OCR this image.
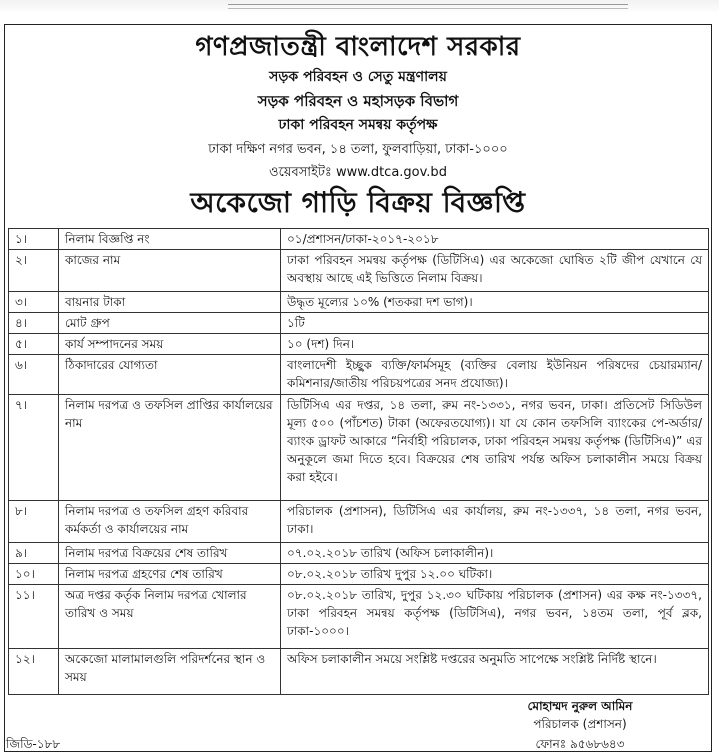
গণপ্রজাতন্ত্রী বাংলাদেশ সরকার
সড়ক পরিবহন ও সেতু মন্ত্রণালয়
সড়ক পরিবহন ও মহাসড়ক বিভাগ
ঢাকা পরিবহন সমন্বয় কর্তৃপক্ষ
ঢাকা দক্ষিণ নগর ভবন, ১৪ তলা, ফুলবাড়িয়া, ঢাকা-১০০০
ওয়েবসাইটঃ www.dtca.gov.bd
অকেজো গাড়ি বিক্রয় বিজ্ঞপ্তি
১।	নিলাম বিজ্ঞপ্তি নং	০১/প্রশাসন/ঢাকা-২০১৭-২০১৮
২।	কাজের নাম	ঢাকা পরিবহন সমন্বয় কর্তৃপক্ষ (ডিটিসিএ) এর অকেজো ঘোষিত ২টি জীপ যেখানে যে অবস্থায় আছে এই ভিত্তিতে নিলাম বিক্রয়।
৩।	বায়নার টাকা	উদ্ধৃত মূল্যের ১০% (শতকরা দশ ভাগ)।
৪।	মোট গ্রুপ	১টি
৫।	কার্য সম্পাদনের সময়	১০ (দশ) দিন।
৬।	ঠিকাদারের যোগ্যতা	বাংলাদেশী ইচ্ছুক ব্যক্তি/ফার্মসমূহ (ব্যক্তির বেলায় ইউনিয়ন পরিষদের চেয়ারম্যান/কমিশনার/জাতীয় পরিচয়পত্রের সনদ প্রযোজ্য)।
৭।	নিলাম দরপত্র ও তফসিল প্রাপ্তির কার্যালয়ের নাম	ডিটিসিএ এর দপ্তর, ১৪ তলা, রুম নং-১৩৩১, নগর ভবন, ঢাকা। প্রতিসেট সিডিউল মূল্য ৫০০ (পাঁচশত) টাকা (অফেরতযোগ্য)। যা যে কোন তফসিলি ব্যাংকের পে-অর্ডার/ব্যাংক ড্রাফট আকারে “নির্বাহী পরিচালক, ঢাকা পরিবহন সমন্বয় কর্তৃপক্ষ (ডিটিসিএ)” এর অনুকূলে জমা দিতে হবে। বিক্রয়ের শেষ তারিখ পর্যন্ত অফিস চলাকালীন সময়ে বিক্রয় করা হইবে।
৮।	নিলাম দরপত্র ও তফসিল গ্রহণ করিবার কর্মকর্তা ও কার্যালয়ের নাম	পরিচালক (প্রশাসন), ডিটিসিএ এর কার্যালয়, রুম নং-১৩৩৭, ১৪ তলা, নগর ভবন, ঢাকা।
৯।	নিলাম দরপত্র বিক্রয়ের শেষ তারিখ	০৭.০২.২০১৮ তারিখ (অফিস চলাকালীন)।
১০।	নিলাম দরপত্র গ্রহণের শেষ তারিখ	০৮.০২.২০১৮ তারিখ দুপুর ১২.০০ ঘটিকা।
১১।	অত্র দপ্তর কর্তৃক নিলাম দরপত্র খোলার তারিখ ও সময়	০৮.০২.২০১৮ তারিখ, দুপুর ১২.৩০ ঘটিকায় পরিচালক (প্রশাসন) এর কক্ষ নং-১৩৩৭, ঢাকা পরিবহন সমন্বয় কর্তৃপক্ষ (ডিটিসিএ), নগর ভবন, ১৪তম তলা, পূর্ব ব্লক, ঢাকা-১০০০।
১২।	অকেজো মালামালগুলি পরিদর্শনের স্থান ও সময়	অফিস চলাকালীন সময়ে সংশ্লিষ্ট দপ্তরের অনুমতি সাপেক্ষে সংশ্লিষ্ট নির্দিষ্ট স্থানে।
মোহাম্মদ নুরুল আমিন
পরিচালক (প্রশাসন)
ফোনঃ ৯৫৬৮৬৪৩
জিডি-১৮৮
